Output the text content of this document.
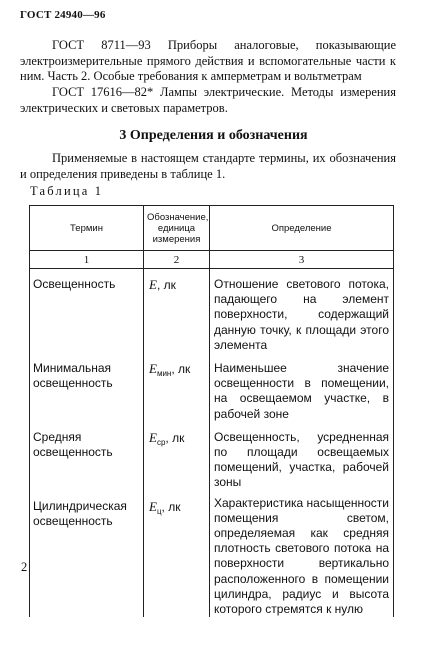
ГОСТ 24940—96
ГОСТ 8711—93 Приборы аналоговые, показывающие электроизмерительные прямого действия и вспомогательные части к ним. Часть 2. Особые требования к амперметрам и вольтметрам
ГОСТ 17616—82* Лампы электрические. Методы измерения электрических и световых параметров.
3 Определения и обозначения
Применяемые в настоящем стандарте термины, их обозначения и определения приведены в таблице 1.
Таблица 1
Термин	Обозначение, единица измерения	Определение
1	2	3
Освещенность	E, лк	Отношение светового потока, падающего на элемент поверхности, содержащий данную точку, к площади этого элемента
Минимальная освещенность	$E_{мин}$, лк	Наименьшее значение освещенности в помещении, на освещаемом участке, в рабочей зоне
Средняя освещенность	$E_{ср}$, лк	Освещенность, усредненная по площади освещаемых помещений, участка, рабочей зоны
Цилиндрическая освещенность	$E_ц$, лк	Характеристика насыщенности помещения светом, определяемая как средняя плотность светового потока на поверхности вертикально расположенного в помещении цилиндра, радиус и высота которого стремятся к нулю
2
